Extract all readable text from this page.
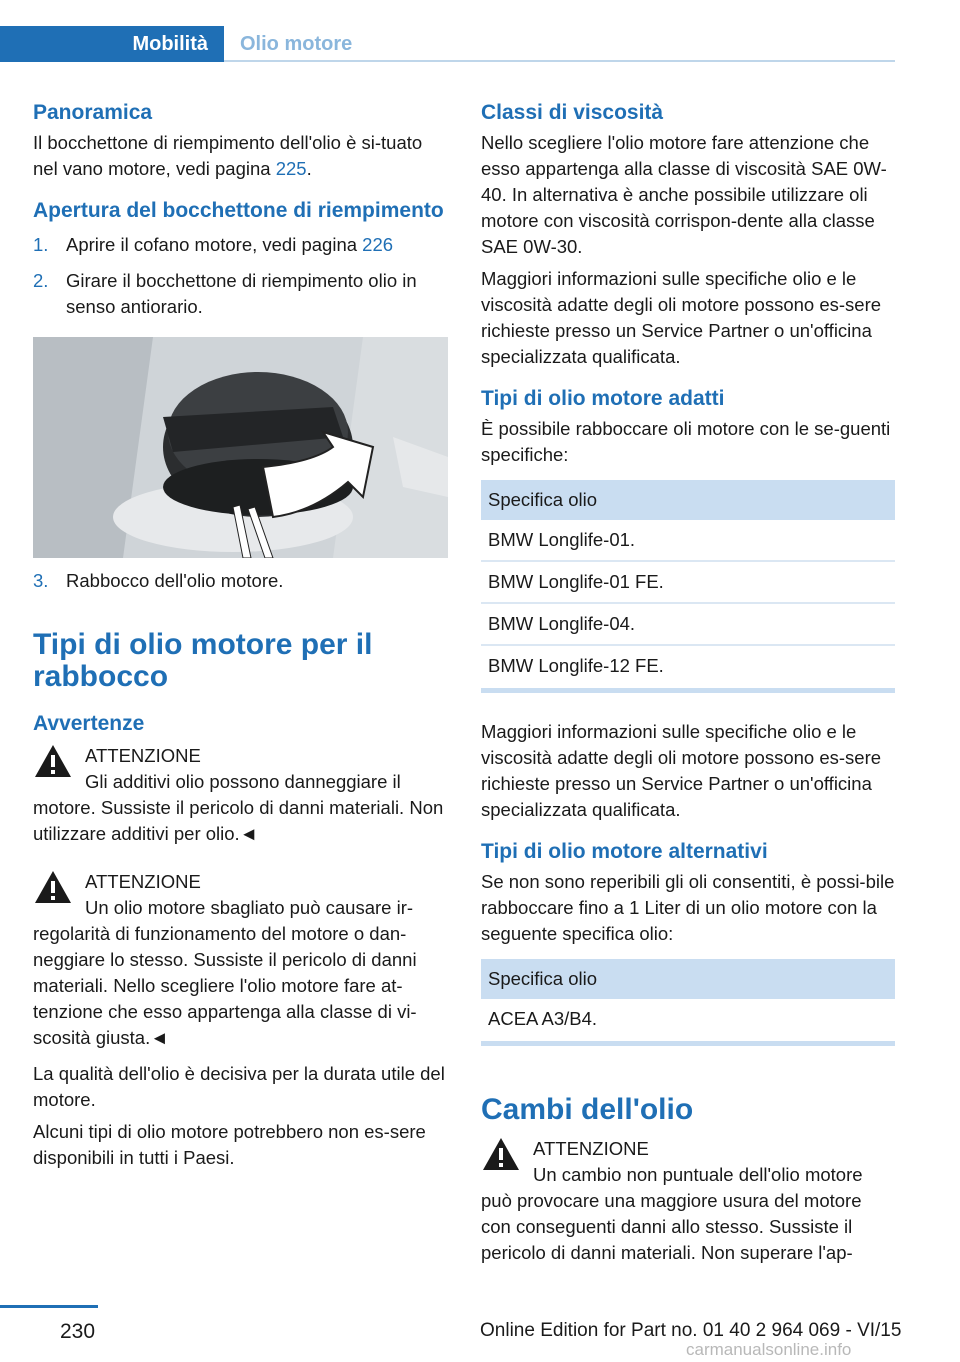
Mobilità Olio motore
Panoramica

Il bocchettone di riempimento dell'olio è si-tuato nel vano motore, vedi pagina 225.

Apertura del bocchettone di riempimento
1. Aprire il cofano motore, vedi pagina 226
2. Girare il bocchettone di riempimento olio in senso antiorario.
3. Rabbocco dell'olio motore.
Tipi di olio motore per il rabbocco
Avvertenze
ATTENZIONE
Gli additivi olio possono danneggiare il motore. Sussiste il pericolo di danni materiali. Non utilizzare additivi per olio.◄
ATTENZIONE
Un olio motore sbagliato può causare ir-regolarità di funzionamento del motore o dan-neggiare lo stesso. Sussiste il pericolo di danni materiali. Nello scegliere l'olio motore fare at-tenzione che esso appartenga alla classe di vi-scosità giusta.◄

La qualità dell'olio è decisiva per la durata utile del motore.

Alcuni tipi di olio motore potrebbero non es-sere disponibili in tutti i Paesi.

Classi di viscosità

Nello scegliere l'olio motore fare attenzione che esso appartenga alla classe di viscosità SAE 0W-40. In alternativa è anche possibile utilizzare oli motore con viscosità corrispon-dente alla classe SAE 0W-30.

Maggiori informazioni sulle specifiche olio e le viscosità adatte degli oli motore possono es-sere richieste presso un Service Partner o un'officina specializzata qualificata.

Tipi di olio motore adatti

È possibile rabboccare oli motore con le se-guenti specifiche:

Specifica olio
BMW Longlife-01.
BMW Longlife-01 FE.
BMW Longlife-04.
BMW Longlife-12 FE.

Maggiori informazioni sulle specifiche olio e le viscosità adatte degli oli motore possono es-sere richieste presso un Service Partner o un'officina specializzata qualificata.

Tipi di olio motore alternativi

Se non sono reperibili gli oli consentiti, è possi-bile rabboccare fino a 1 Liter di un olio motore con la seguente specifica olio:

Specifica olio
ACEA A3/B4.
Cambi dell'olio
ATTENZIONE
Un cambio non puntuale dell'olio motore può provocare una maggiore usura del motore con conseguenti danni allo stesso. Sussiste il pericolo di danni materiali. Non superare l'ap-
230	Online Edition for Part no. 01 40 2 964 069 - VI/15
carmanualsonline.info
